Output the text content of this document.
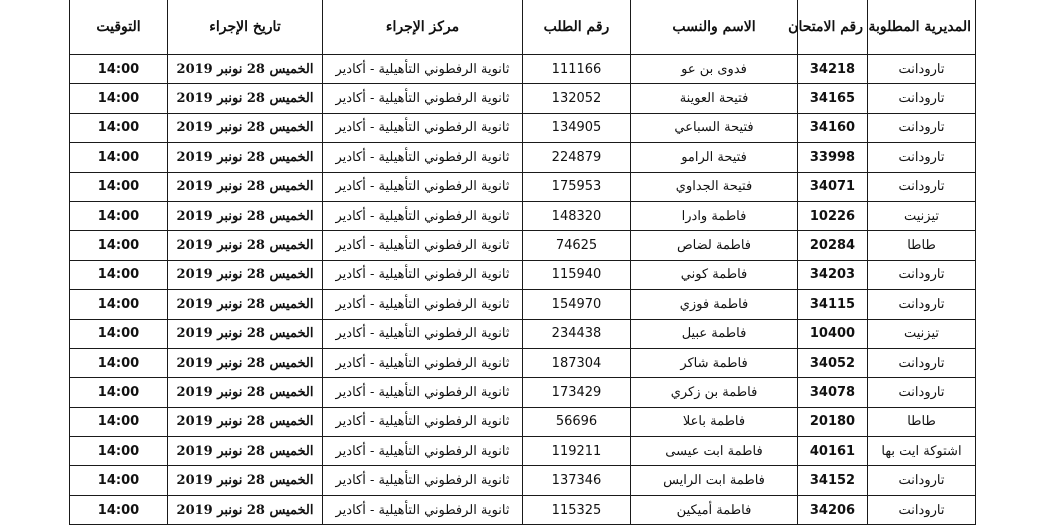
التوقيت	تاريخ الإجراء	مركز الإجراء	رقم الطلب	الاسم والنسب	رقم الامتحان	المديرية المطلوبة
14:00	الخميس 28 نونبر 2019	ثانوية الرفطوني التأهيلية - أكادير	111166	فدوى بن عو	34218	تارودانت
14:00	الخميس 28 نونبر 2019	ثانوية الرفطوني التأهيلية - أكادير	132052	فتيحة العوينة	34165	تارودانت
14:00	الخميس 28 نونبر 2019	ثانوية الرفطوني التأهيلية - أكادير	134905	فتيحة السباعي	34160	تارودانت
14:00	الخميس 28 نونبر 2019	ثانوية الرفطوني التأهيلية - أكادير	224879	فتيحة الرامو	33998	تارودانت
14:00	الخميس 28 نونبر 2019	ثانوية الرفطوني التأهيلية - أكادير	175953	فتيحة الجداوي	34071	تارودانت
14:00	الخميس 28 نونبر 2019	ثانوية الرفطوني التأهيلية - أكادير	148320	فاطمة وادرا	10226	تيزنيت
14:00	الخميس 28 نونبر 2019	ثانوية الرفطوني التأهيلية - أكادير	74625	فاطمة لضاص	20284	طاطا
14:00	الخميس 28 نونبر 2019	ثانوية الرفطوني التأهيلية - أكادير	115940	فاطمة كوني	34203	تارودانت
14:00	الخميس 28 نونبر 2019	ثانوية الرفطوني التأهيلية - أكادير	154970	فاطمة فوزي	34115	تارودانت
14:00	الخميس 28 نونبر 2019	ثانوية الرفطوني التأهيلية - أكادير	234438	فاطمة عبيل	10400	تيزنيت
14:00	الخميس 28 نونبر 2019	ثانوية الرفطوني التأهيلية - أكادير	187304	فاطمة شاكر	34052	تارودانت
14:00	الخميس 28 نونبر 2019	ثانوية الرفطوني التأهيلية - أكادير	173429	فاطمة بن زكري	34078	تارودانت
14:00	الخميس 28 نونبر 2019	ثانوية الرفطوني التأهيلية - أكادير	56696	فاطمة باعلا	20180	طاطا
14:00	الخميس 28 نونبر 2019	ثانوية الرفطوني التأهيلية - أكادير	119211	فاطمة ابت عيسى	40161	اشتوكة ايت بها
14:00	الخميس 28 نونبر 2019	ثانوية الرفطوني التأهيلية - أكادير	137346	فاطمة ابت الرايس	34152	تارودانت
14:00	الخميس 28 نونبر 2019	ثانوية الرفطوني التأهيلية - أكادير	115325	فاطمة أميكين	34206	تارودانت
